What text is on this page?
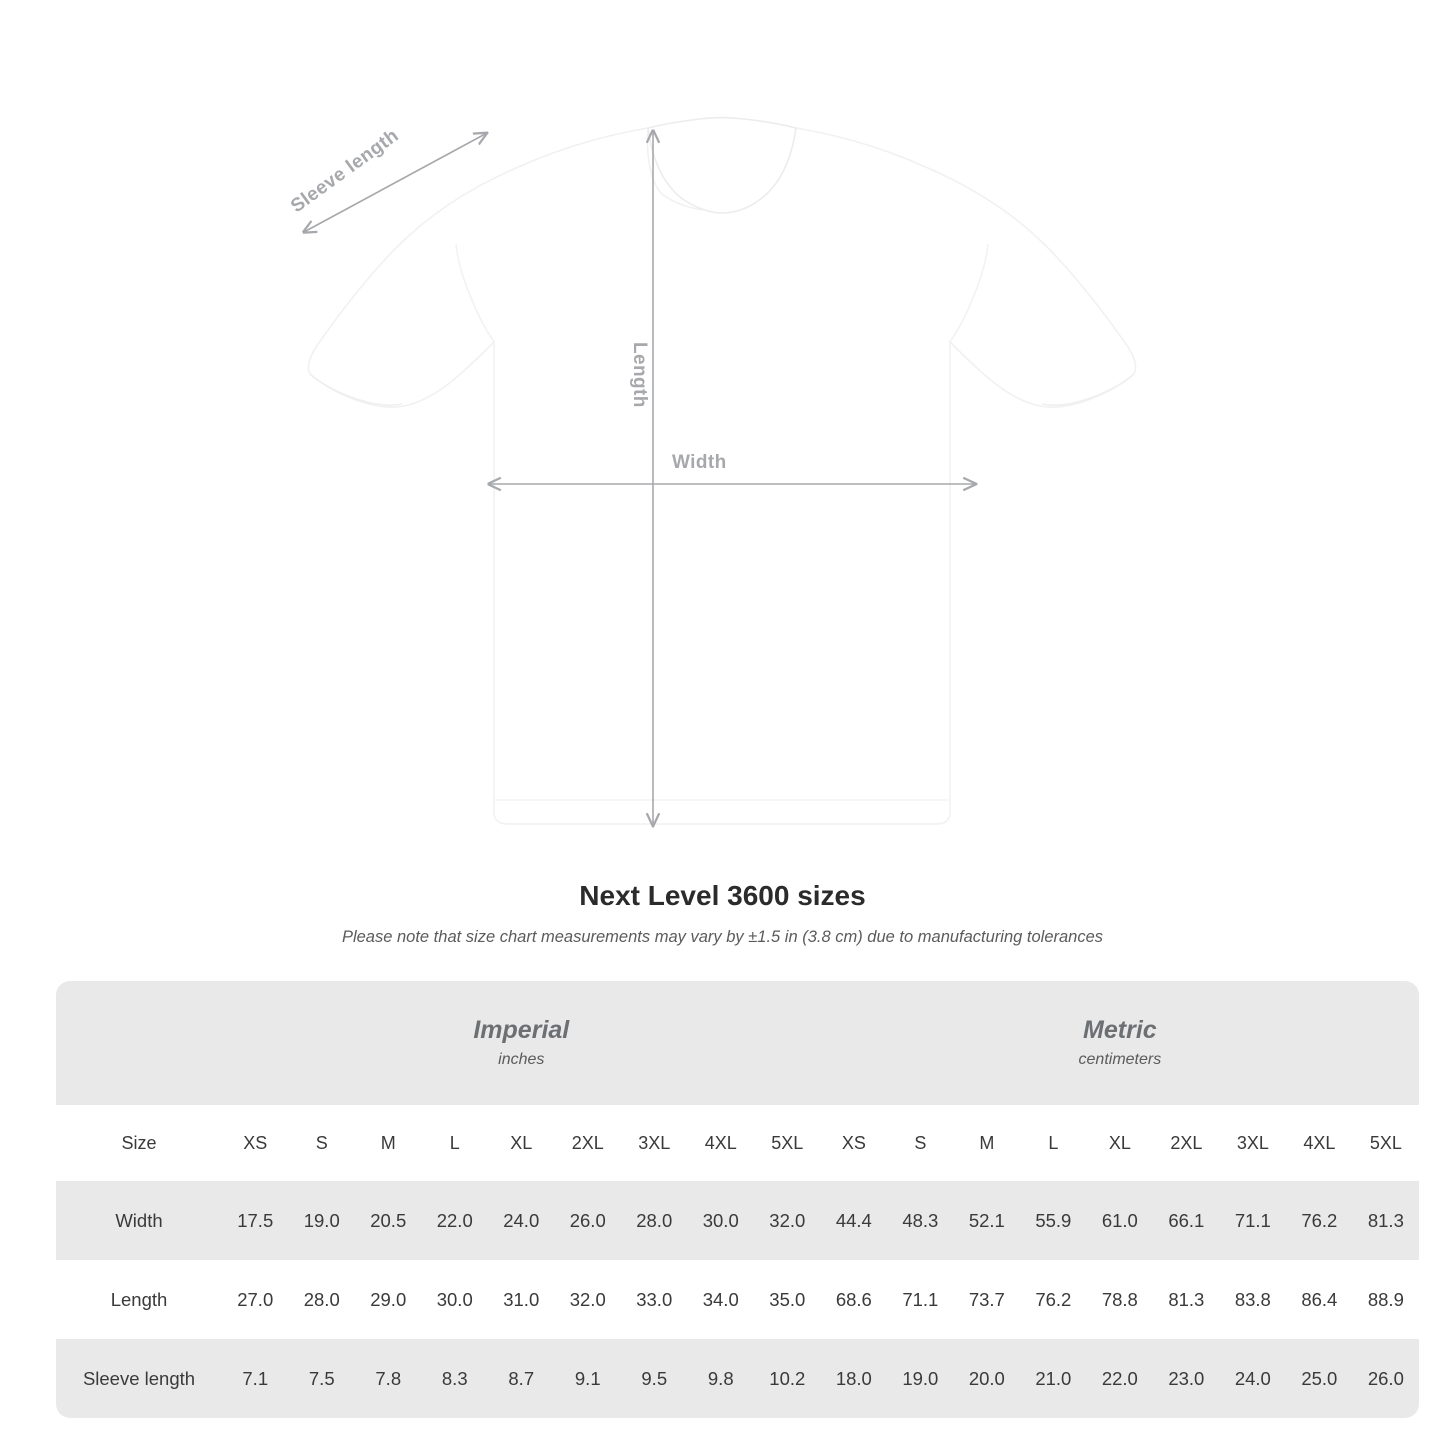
Width
Length
Sleeve length
Next Level 3600 sizes
Please note that size chart measurements may vary by ±1.5 in (3.8 cm) due to manufacturing tolerances

Imperial
inches

Metric
centimeters

Size	XS	S	M	L	XL	2XL	3XL	4XL	5XL	XS	S	M	L	XL	2XL	3XL	4XL	5XL
Width	17.5	19.0	20.5	22.0	24.0	26.0	28.0	30.0	32.0	44.4	48.3	52.1	55.9	61.0	66.1	71.1	76.2	81.3
Length	27.0	28.0	29.0	30.0	31.0	32.0	33.0	34.0	35.0	68.6	71.1	73.7	76.2	78.8	81.3	83.8	86.4	88.9
Sleeve length	7.1	7.5	7.8	8.3	8.7	9.1	9.5	9.8	10.2	18.0	19.0	20.0	21.0	22.0	23.0	24.0	25.0	26.0
